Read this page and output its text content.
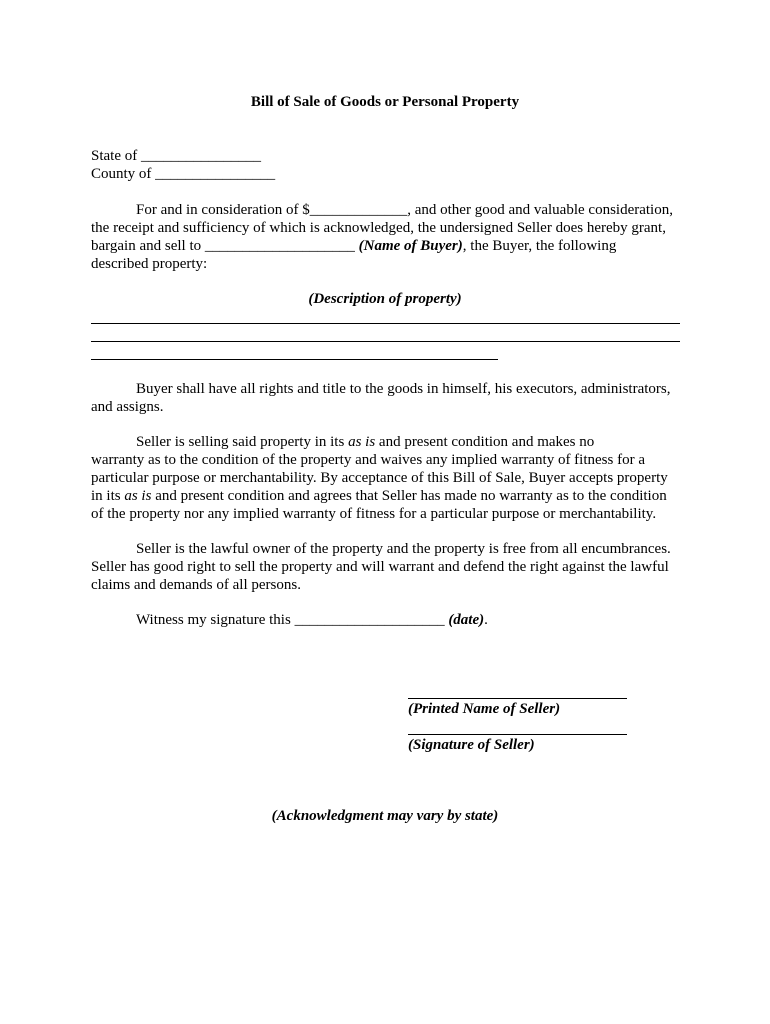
Bill of Sale of Goods or Personal Property
State of ________________
County of ________________

For and in consideration of $_____________, and other good and valuable consideration,

the receipt and sufficiency of which is acknowledged, the undersigned Seller does hereby grant,

bargain and sell to ____________________ (Name of Buyer), the Buyer, the following

described property:

(Description of property)

Buyer shall have all rights and title to the goods in himself, his executors, administrators,

and assigns.

Seller is selling said property in its as is and present condition and makes no

warranty as to the condition of the property and waives any implied warranty of fitness for a

particular purpose or merchantability. By acceptance of this Bill of Sale, Buyer accepts property

in its as is and present condition and agrees that Seller has made no warranty as to the condition

of the property nor any implied warranty of fitness for a particular purpose or merchantability.

Seller is the lawful owner of the property and the property is free from all encumbrances.

Seller has good right to sell the property and will warrant and defend the right against the lawful

claims and demands of all persons.

Witness my signature this ____________________ (date).

(Printed Name of Seller)
(Signature of Seller)
(Acknowledgment may vary by state)
